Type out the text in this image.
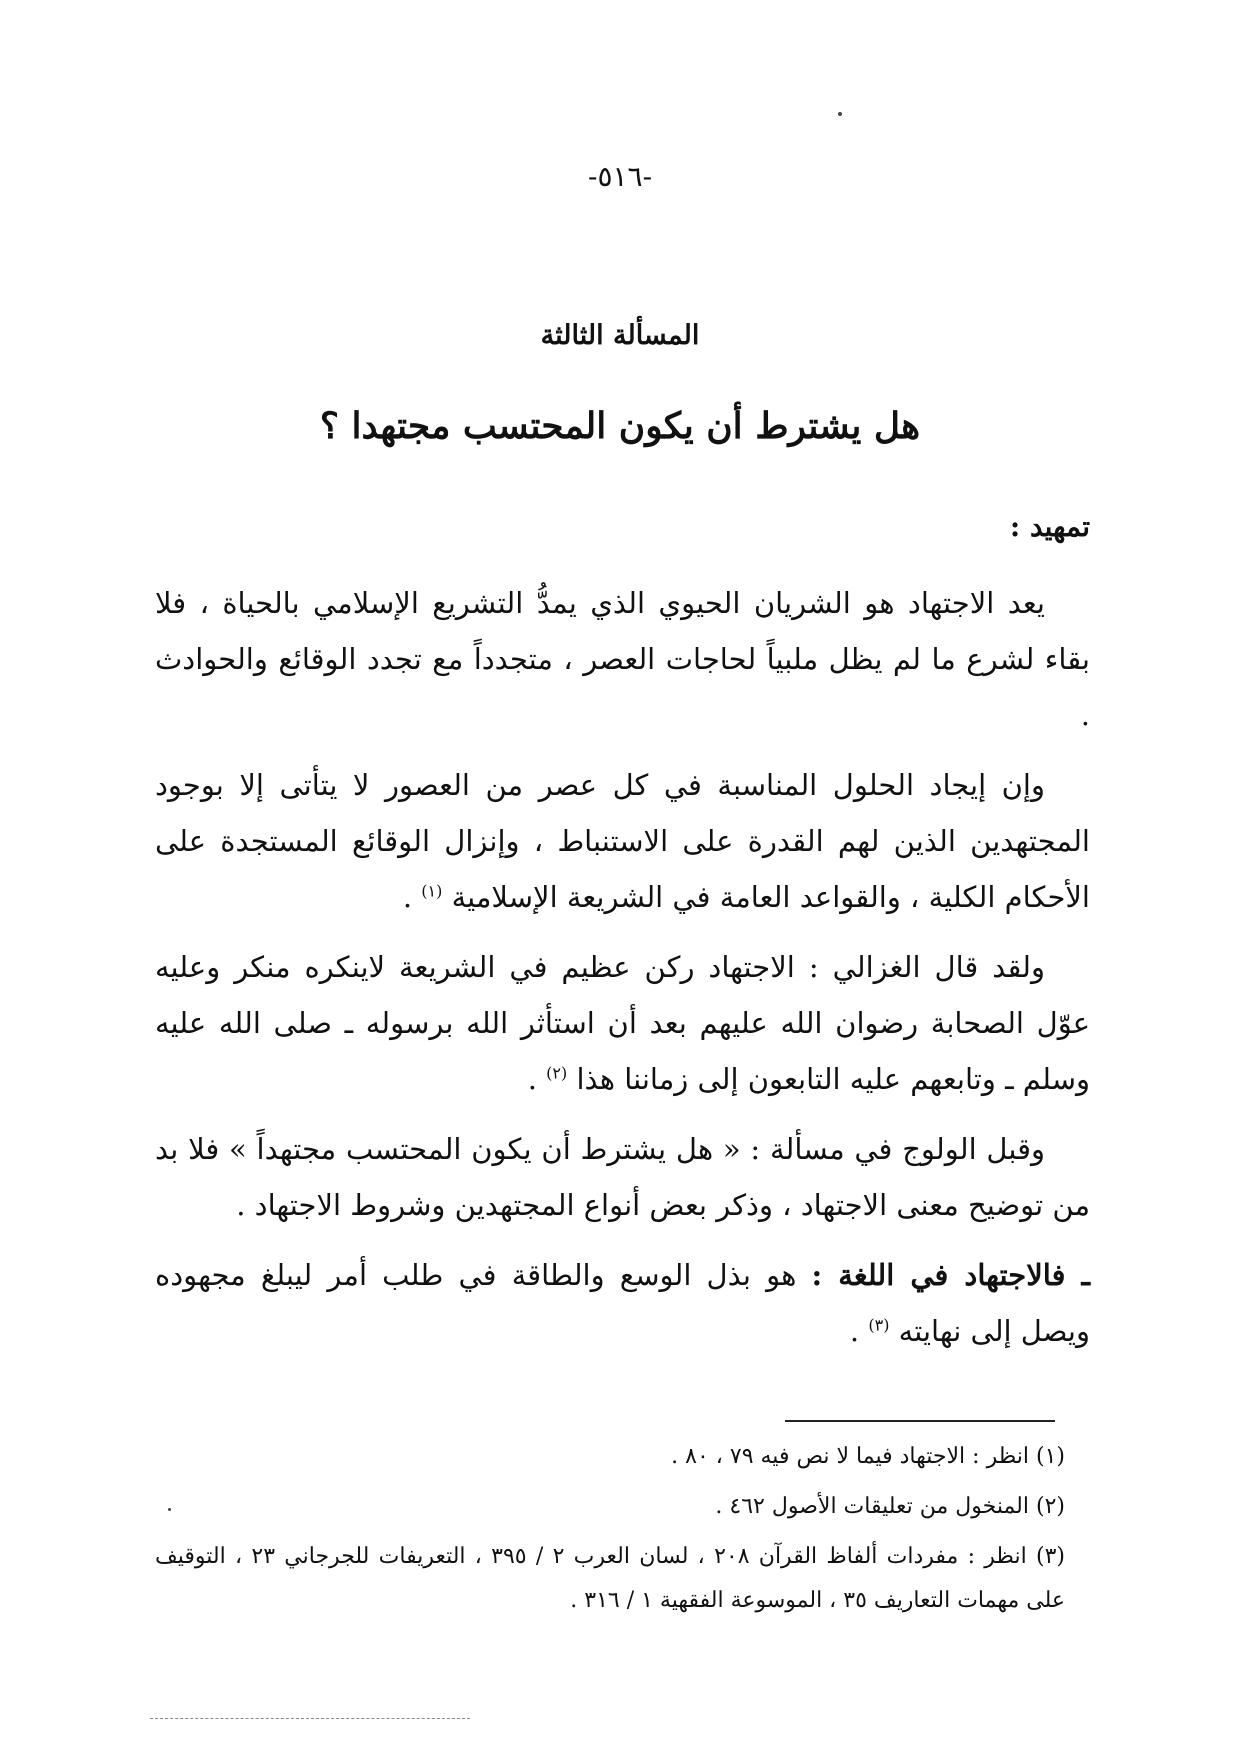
-٥١٦-
المسألة الثالثة
هل يشترط أن يكون المحتسب مجتهدا ؟
تمهيد :

يعد الاجتهاد هو الشريان الحيوي الذي يمدُّ التشريع الإسلامي بالحياة ، فلا بقاء لشرع ما لم يظل ملبياً لحاجات العصر ، متجدداً مع تجدد الوقائع والحوادث .

وإن إيجاد الحلول المناسبة في كل عصر من العصور لا يتأتى إلا بوجود المجتهدين الذين لهم القدرة على الاستنباط ، وإنزال الوقائع المستجدة على الأحكام الكلية ، والقواعد العامة في الشريعة الإسلامية $^{(١)}$ .

ولقد قال الغزالي : الاجتهاد ركن عظيم في الشريعة لاينكره منكر وعليه عوّل الصحابة رضوان الله عليهم بعد أن استأثر الله برسوله ـ صلى الله عليه وسلم ـ وتابعهم عليه التابعون إلى زماننا هذا $^{(٢)}$ .

وقبل الولوج في مسألة : « هل يشترط أن يكون المحتسب مجتهداً » فلا بد من توضيح معنى الاجتهاد ، وذكر بعض أنواع المجتهدين وشروط الاجتهاد .

ـ فالاجتهاد في اللغة : هو بذل الوسع والطاقة في طلب أمر ليبلغ مجهوده ويصل إلى نهايته $^{(٣)}$ .

(١) انظر : الاجتهاد فيما لا نص فيه ٧٩ ، ٨٠ .
(٢) المنخول من تعليقات الأصول ٤٦٢ .
(٣) انظر : مفردات ألفاظ القرآن ٢٠٨ ، لسان العرب ٢ / ٣٩٥ ، التعريفات للجرجاني ٢٣ ، التوقيف على مهمات التعاريف ٣٥ ، الموسوعة الفقهية ١ / ٣١٦ .
